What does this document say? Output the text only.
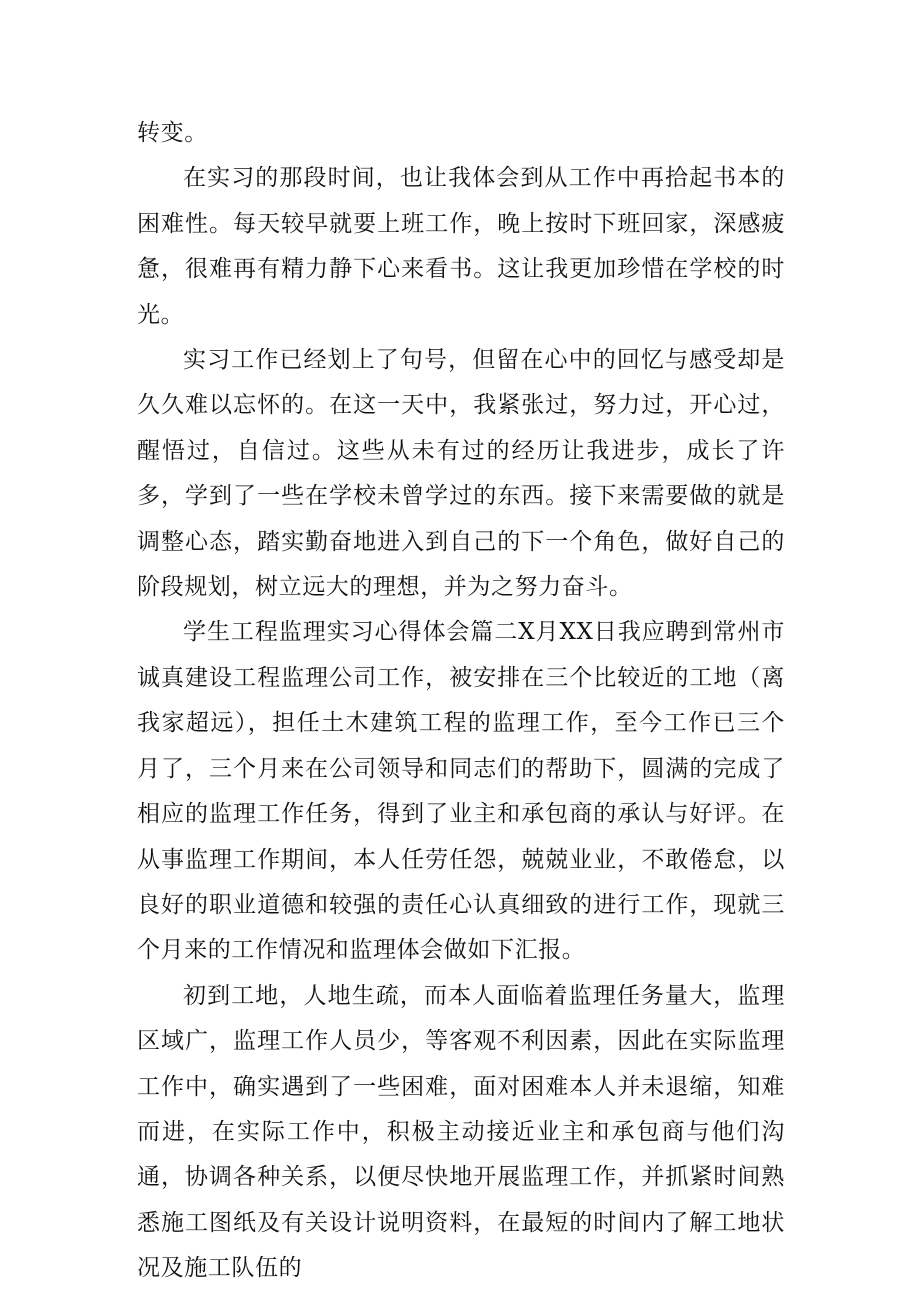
转变。

在实习的那段时间，也让我体会到从工作中再拾起书本的困难性。每天较早就要上班工作，晚上按时下班回家，深感疲惫，很难再有精力静下心来看书。这让我更加珍惜在学校的时光。

实习工作已经划上了句号，但留在心中的回忆与感受却是久久难以忘怀的。在这一天中，我紧张过，努力过，开心过，醒悟过，自信过。这些从未有过的经历让我进步，成长了许多，学到了一些在学校未曾学过的东西。接下来需要做的就是调整心态，踏实勤奋地进入到自己的下一个角色，做好自己的阶段规划，树立远大的理想，并为之努力奋斗。

学生工程监理实习心得体会篇二X月XX日我应聘到常州市诚真建设工程监理公司工作，被安排在三个比较近的工地（离我家超远），担任土木建筑工程的监理工作，至今工作已三个月了，三个月来在公司领导和同志们的帮助下，圆满的完成了相应的监理工作任务，得到了业主和承包商的承认与好评。在从事监理工作期间，本人任劳任怨，兢兢业业，不敢倦怠，以良好的职业道德和较强的责任心认真细致的进行工作，现就三个月来的工作情况和监理体会做如下汇报。

初到工地，人地生疏，而本人面临着监理任务量大，监理区域广，监理工作人员少，等客观不利因素，因此在实际监理工作中，确实遇到了一些困难，面对困难本人并未退缩，知难而进，在实际工作中，积极主动接近业主和承包商与他们沟通，协调各种关系，以便尽快地开展监理工作，并抓紧时间熟悉施工图纸及有关设计说明资料，在最短的时间内了解工地状况及施工队伍的
